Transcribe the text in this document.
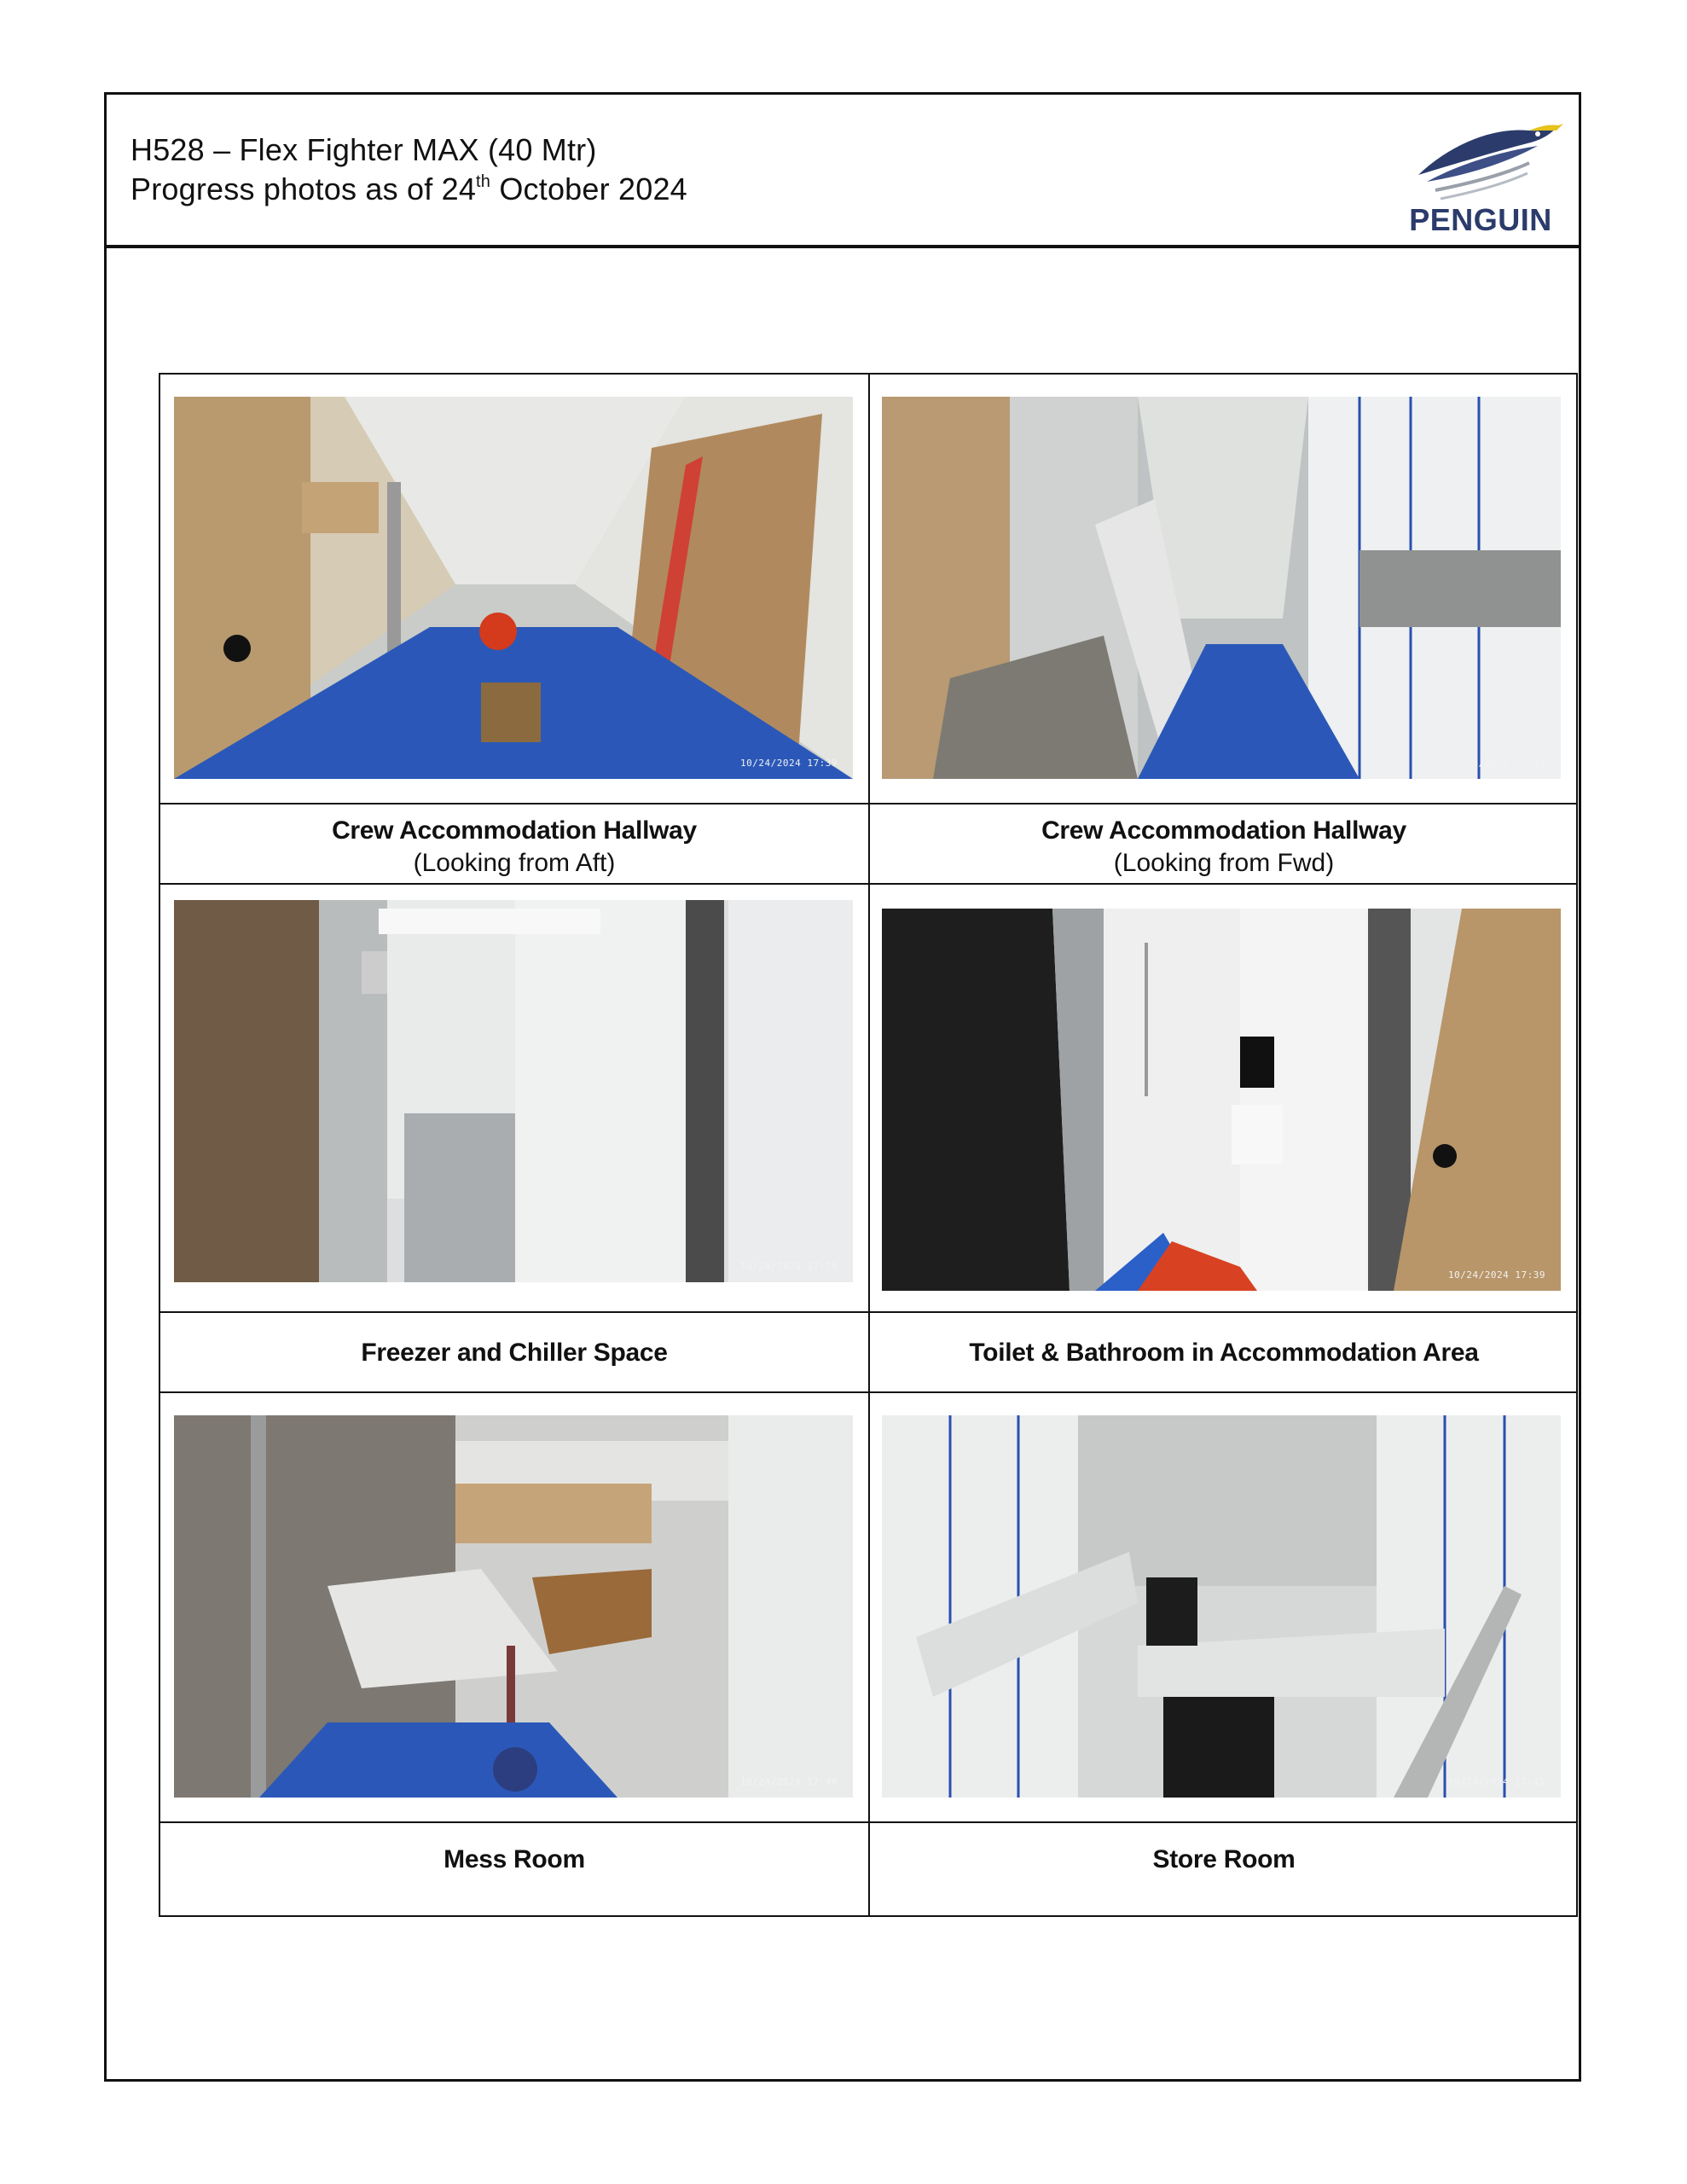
H528 – Flex Fighter MAX (40 Mtr)
Progress photos as of 24th October 2024
PENGUIN
10/24/2024 17:39	10/24/2024 17:42
Crew Accommodation Hallway
(Looking from Aft)
Crew Accommodation Hallway
(Looking from Fwd)
10/24/2024 17:29
10/24/2024 17:39
Freezer and Chiller Space	Toilet & Bathroom in Accommodation Area
10/24/2024 17:40	10/24/2024 17:41
Mess Room	Store Room
